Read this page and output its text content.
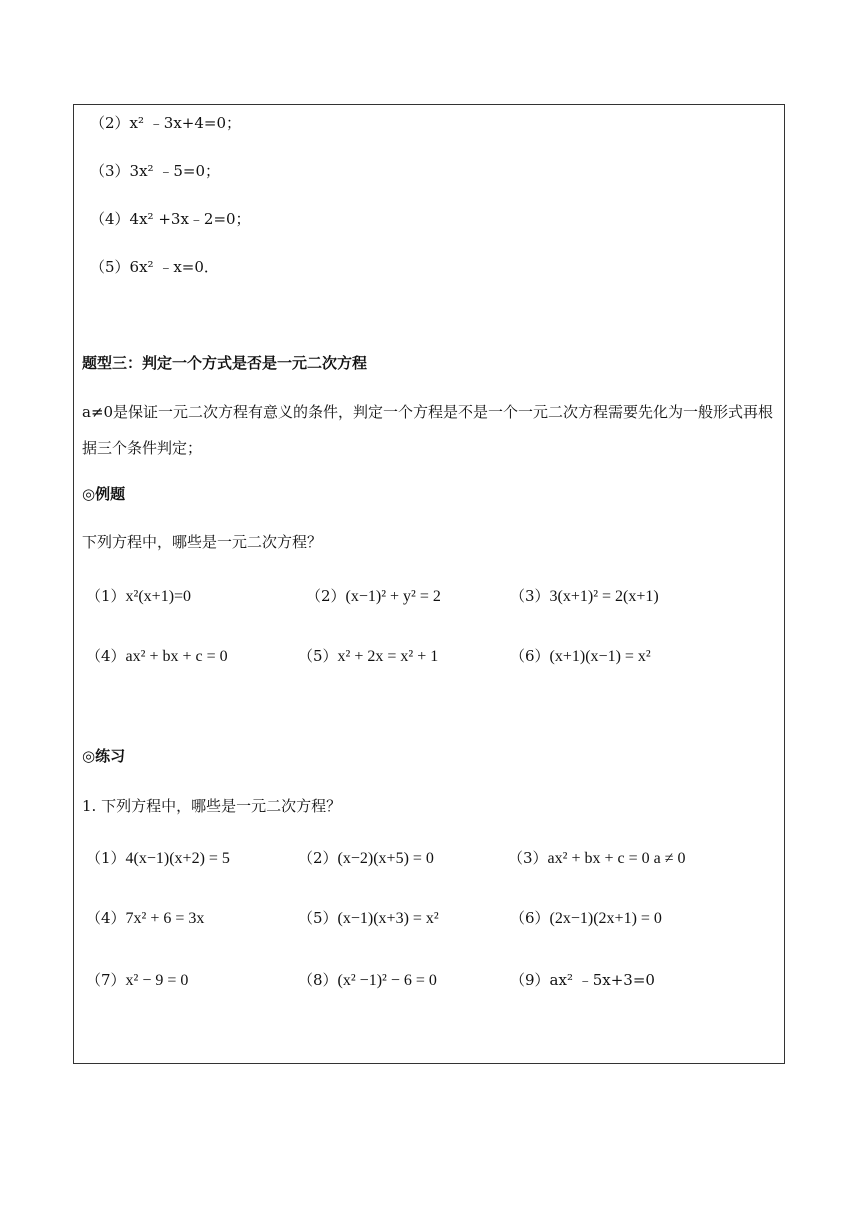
（2）x² ﹣3x+4=0；
（3）3x² ﹣5=0；
（4）4x² +3x﹣2=0；
（5）6x² ﹣x=0．
题型三：判定一个方式是否是一元二次方程
a≠0是保证一元二次方程有意义的条件，判定一个方程是不是一个一元二次方程需要先化为一般形式再根据三个条件判定；
◎例题
下列方程中，哪些是一元二次方程？
（1）x²(x+1)=0	（2）(x−1)² + y² = 2	（3）3(x+1)² = 2(x+1)
（4）ax² + bx + c = 0	（5）x² + 2x = x² + 1	（6）(x+1)(x−1) = x²
◎练习
1. 下列方程中，哪些是一元二次方程？
（1）4(x−1)(x+2) = 5	（2）(x−2)(x+5) = 0	（3）ax² + bx + c = 0 a ≠ 0
（4）7x² + 6 = 3x	（5）(x−1)(x+3) = x²	（6）(2x−1)(2x+1) = 0
（7）x² − 9 = 0	（8）(x² −1)² − 6 = 0	（9）ax² ﹣5x+3=0
